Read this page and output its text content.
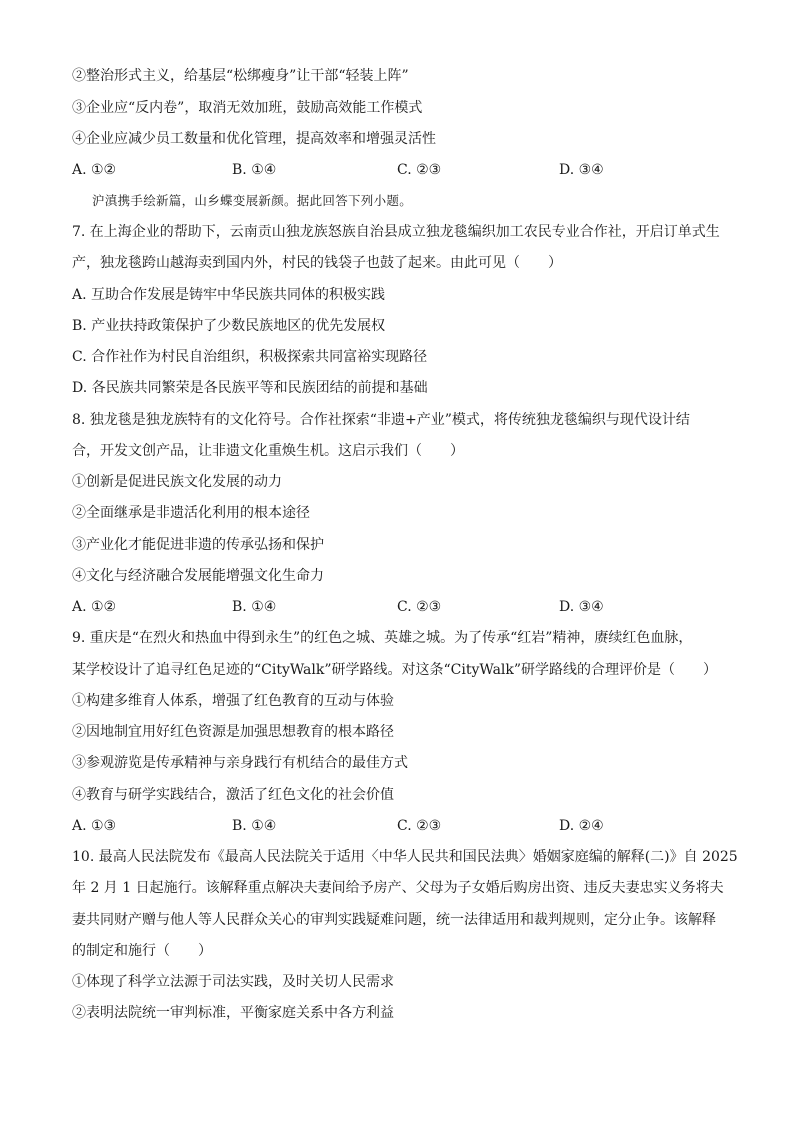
②整治形式主义，给基层“松绑瘦身”让干部“轻装上阵”
③企业应“反内卷”，取消无效加班，鼓励高效能工作模式
④企业应减少员工数量和优化管理，提高效率和增强灵活性
A. ①②	B. ①④	C. ②③	D. ③④
沪滇携手绘新篇，山乡蝶变展新颜。据此回答下列小题。
7. 在上海企业的帮助下，云南贡山独龙族怒族自治县成立独龙毯编织加工农民专业合作社，开启订单式生
产，独龙毯跨山越海卖到国内外，村民的钱袋子也鼓了起来。由此可见（　　）
A. 互助合作发展是铸牢中华民族共同体的积极实践
B. 产业扶持政策保护了少数民族地区的优先发展权
C. 合作社作为村民自治组织，积极探索共同富裕实现路径
D. 各民族共同繁荣是各民族平等和民族团结的前提和基础
8. 独龙毯是独龙族特有的文化符号。合作社探索“非遗+产业”模式，将传统独龙毯编织与现代设计结
合，开发文创产品，让非遗文化重焕生机。这启示我们（　　）
①创新是促进民族文化发展的动力
②全面继承是非遗活化利用的根本途径
③产业化才能促进非遗的传承弘扬和保护
④文化与经济融合发展能增强文化生命力
A. ①②	B. ①④	C. ②③	D. ③④
9. 重庆是“在烈火和热血中得到永生”的红色之城、英雄之城。为了传承“红岩”精神，赓续红色血脉，
某学校设计了追寻红色足迹的“CityWalk”研学路线。对这条“CityWalk”研学路线的合理评价是（　　）
①构建多维育人体系，增强了红色教育的互动与体验
②因地制宜用好红色资源是加强思想教育的根本路径
③参观游览是传承精神与亲身践行有机结合的最佳方式
④教育与研学实践结合，激活了红色文化的社会价值
A. ①③	B. ①④	C. ②③	D. ②④
10. 最高人民法院发布《最高人民法院关于适用〈中华人民共和国民法典〉婚姻家庭编的解释(二)》自 2025
年 2 月 1 日起施行。该解释重点解决夫妻间给予房产、父母为子女婚后购房出资、违反夫妻忠实义务将夫
妻共同财产赠与他人等人民群众关心的审判实践疑难问题，统一法律适用和裁判规则，定分止争。该解释
的制定和施行（　　）
①体现了科学立法源于司法实践，及时关切人民需求
②表明法院统一审判标准，平衡家庭关系中各方利益
